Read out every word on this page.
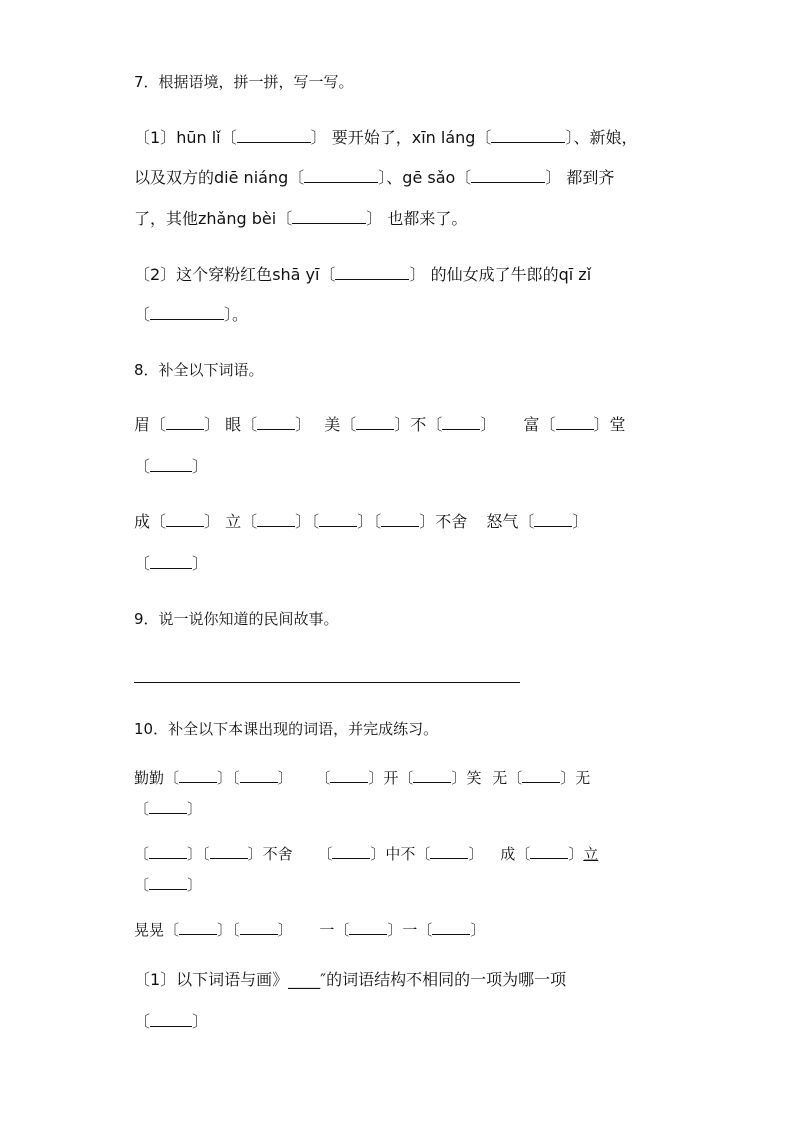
7．根据语境，拼一拼，写一写。
〔1〕hūn lǐ〔	〕 要开始了，xīn láng〔	〕、新娘，
以及双方的diē niáng〔	〕、gē sǎo〔	〕 都到齐
了，其他zhǎng bèi〔	〕 也都来了。
〔2〕这个穿粉红色shā yī〔	〕 的仙女成了牛郎的qī zǐ
〔	〕。
8．补全以下词语。
眉〔 〕 眼〔 〕 美〔 〕不〔 〕 富〔 〕堂
〔	〕
成〔 〕 立〔 〕〔 〕〔 〕不舍 怒气〔 〕
〔	〕
9．说一说你知道的民间故事。
10．补全以下本课出现的词语，并完成练习。
勤勤〔	〕〔	〕 〔	〕开〔	〕笑 无〔	〕无
〔	〕
〔	〕〔	〕不舍 〔	〕中不〔	〕 成〔	〕立
〔	〕
晃晃〔	〕〔	〕 一〔	〕一〔	〕
〔1〕以下词语与画》____″的词语结构不相同的一项为哪一项
〔	〕
